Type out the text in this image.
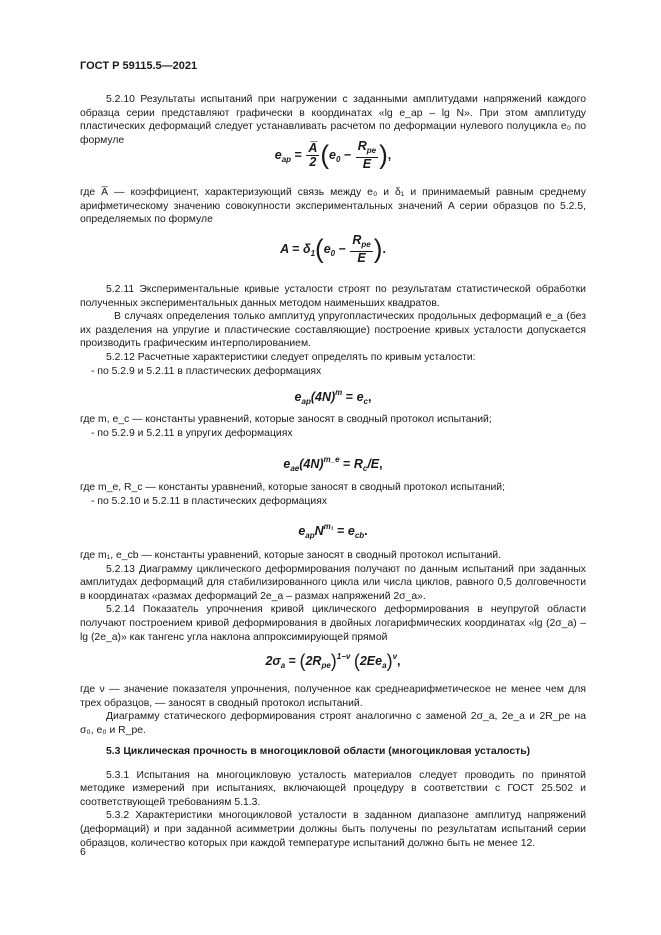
ГОСТ Р 59115.5—2021

5.2.10 Результаты испытаний при нагружении с заданными амплитудами напряжений каждого образца серии представляют графически в координатах «lg e_ap – lg N». При этом амплитуду пластических деформаций следует устанавливать расчетом по деформации нулевого полуцикла e₀ по формуле

$e_{ap} = \frac{A̅}{2} (e_0 - \frac{R_{pe}}{E}$ ),

где A̅ — коэффициент, характеризующий связь между e₀ и δ₁ и принимаемый равным среднему арифметическому значению совокупности экспериментальных значений A серии образцов по 5.2.5, определяемых по формуле

$A = \delta_1(e_0 - \frac{R_{pe}}{E}$ ).

5.2.11 Экспериментальные кривые усталости строят по результатам статистической обработки полученных экспериментальных данных методом наименьших квадратов.

В случаях определения только амплитуд упругопластических продольных деформаций e_a (без их разделения на упругие и пластические составляющие) построение кривых усталости допускается производить графическим интерполированием.

5.2.12 Расчетные характеристики следует определять по кривым усталости:

- по 5.2.9 и 5.2.11 в пластических деформациях

$e_{ap}(4N)^m = e_c$,

где m, e_c — константы уравнений, которые заносят в сводный протокол испытаний;

- по 5.2.9 и 5.2.11 в упругих деформациях

$e_{ae}(4N)^{m\_e} = R_c/E$,

где m_e, R_c — константы уравнений, которые заносят в сводный протокол испытаний;

- по 5.2.10 и 5.2.11 в пластических деформациях

$e_{ap}N^{m_1} = e_{cb}$.

где m₁, e_cb — константы уравнений, которые заносят в сводный протокол испытаний.

5.2.13 Диаграмму циклического деформирования получают по данным испытаний при заданных амплитудах деформаций для стабилизированного цикла или числа циклов, равного 0,5 долговечности в координатах «размах деформаций 2e_a – размах напряжений 2σ_a».

5.2.14 Показатель упрочнения кривой циклического деформирования в неупругой области получают построением кривой деформирования в двойных логарифмических координатах «lg (2σ_a) – lg (2e_a)» как тангенс угла наклона аппроксимирующей прямой

$2\sigma_a = (2R_{pe})^{1-\nu}$ $(2Ee_a)^\nu$,

где ν — значение показателя упрочнения, полученное как среднеарифметическое не менее чем для трех образцов, — заносят в сводный протокол испытаний.

Диаграмму статического деформирования строят аналогично с заменой 2σ_a, 2e_a и 2R_pe на σ₀, e₀ и R_pe.

5.3 Циклическая прочность в многоцикловой области (многоцикловая усталость)

5.3.1 Испытания на многоцикловую усталость материалов следует проводить по принятой методике измерений при испытаниях, включающей процедуру в соответствии с ГОСТ 25.502 и соответствующей требованиям 5.1.3.

5.3.2 Характеристики многоцикловой усталости в заданном диапазоне амплитуд напряжений (деформаций) и при заданной асимметрии должны быть получены по результатам испытаний серии образцов, количество которых при каждой температуре испытаний должно быть не менее 12.

6
